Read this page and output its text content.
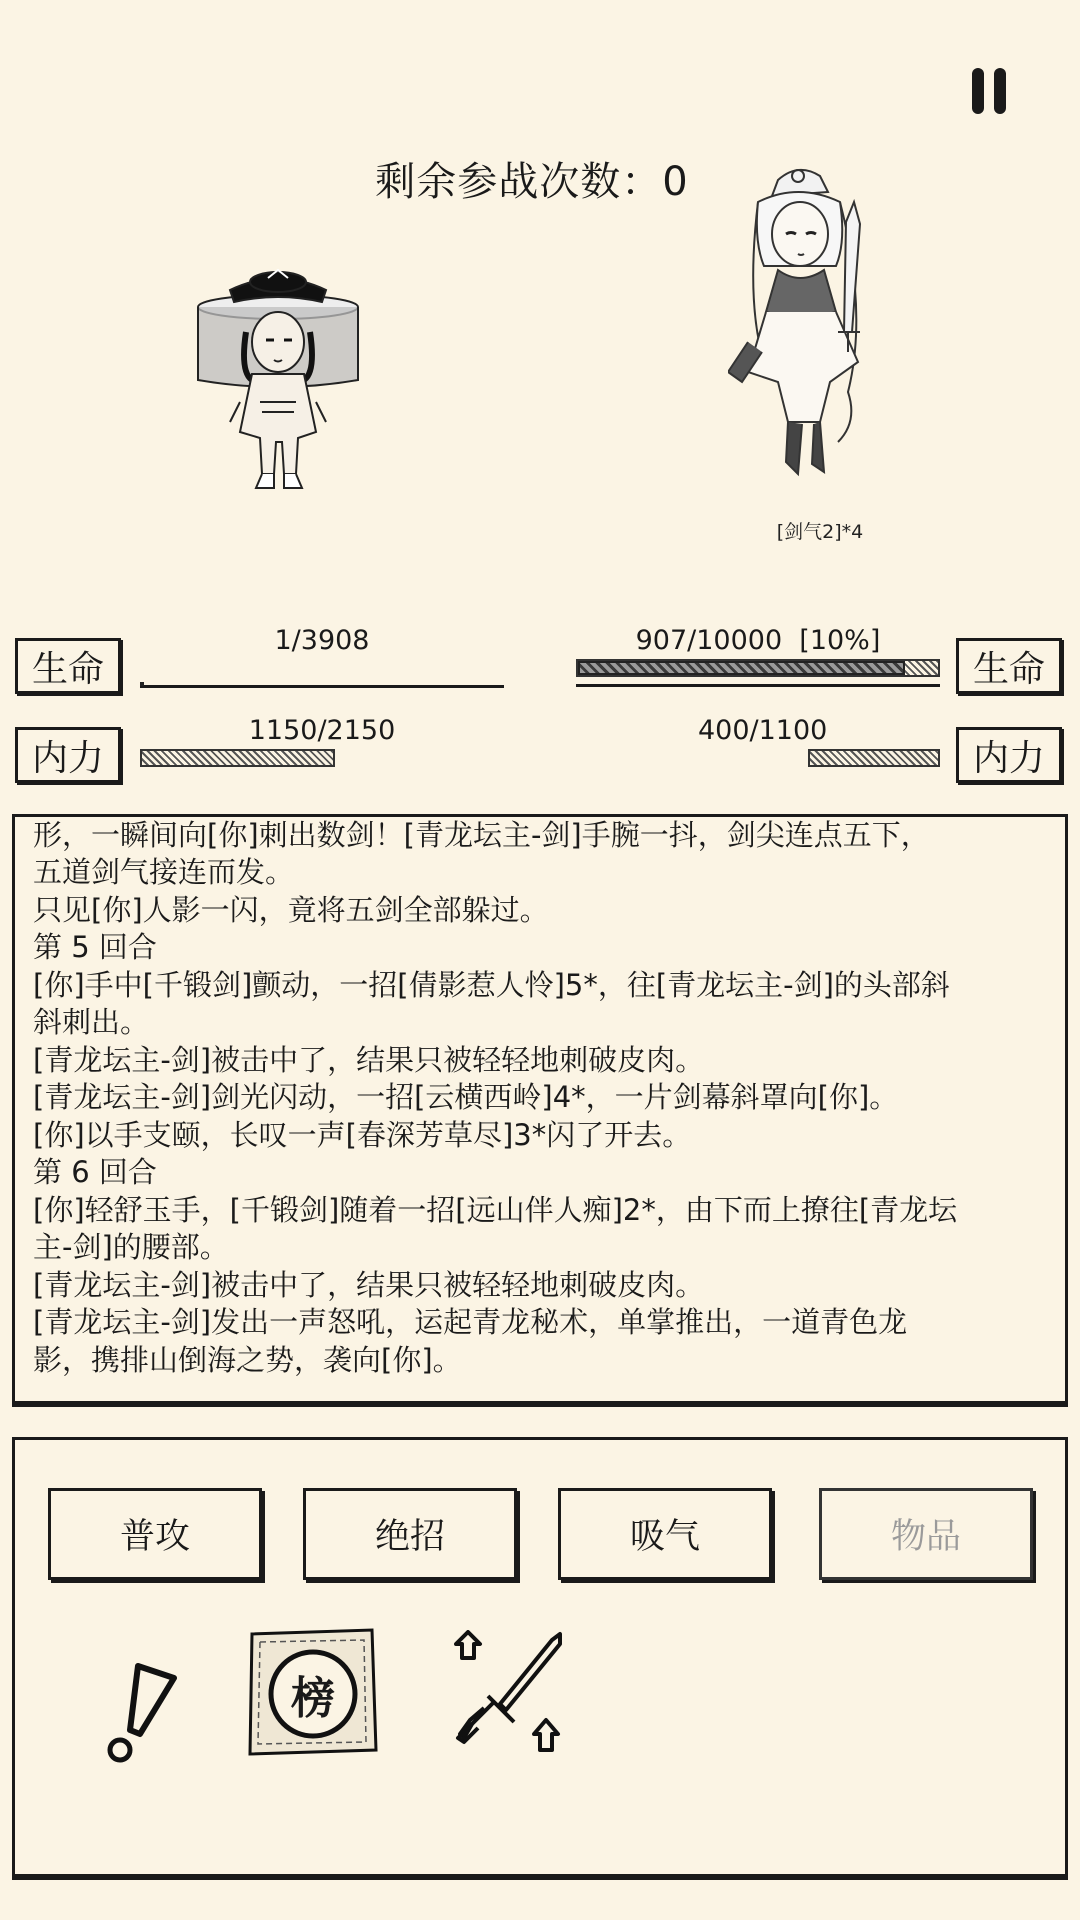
剩余参战次数：0
[剑气2]*4
生命
1/3908
内力
1150/2150
生命
907/10000  [10%]
内力
400/1100

形，一瞬间向[你]刺出数剑！[青龙坛主-剑]手腕一抖，剑尖连点五下，

五道剑气接连而发。

只见[你]人影一闪，竟将五剑全部躲过。

第 5 回合

[你]手中[千锻剑]颤动，一招[倩影惹人怜]5*，往[青龙坛主-剑]的头部斜

斜刺出。

[青龙坛主-剑]被击中了，结果只被轻轻地刺破皮肉。

[青龙坛主-剑]剑光闪动，一招[云横西岭]4*，一片剑幕斜罩向[你]。

[你]以手支颐，长叹一声[春深芳草尽]3*闪了开去。

第 6 回合

[你]轻舒玉手，[千锻剑]随着一招[远山伴人痴]2*，由下而上撩往[青龙坛

主-剑]的腰部。

[青龙坛主-剑]被击中了，结果只被轻轻地刺破皮肉。

[青龙坛主-剑]发出一声怒吼，运起青龙秘术，单掌推出，一道青色龙

影，携排山倒海之势，袭向[你]。

普攻	绝招	吸气	物品
榜
